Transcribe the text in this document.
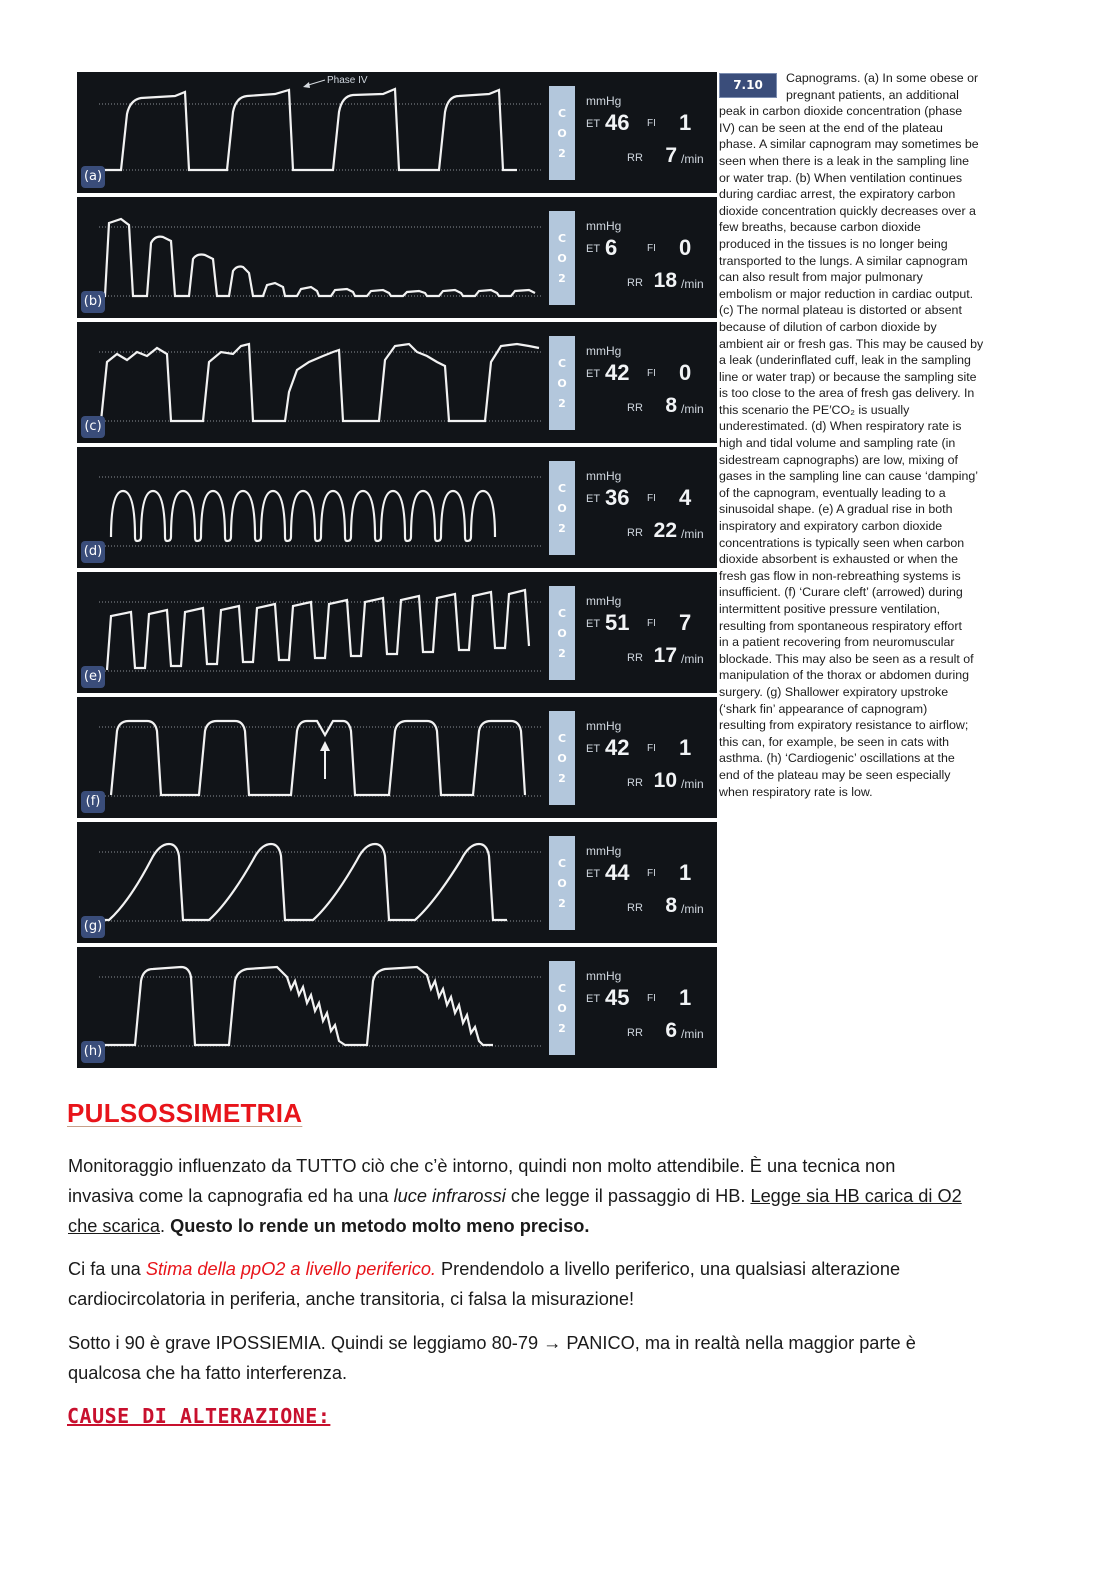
Phase IV
(a)
C
O
2
mmHg
ET 46 FI 1
RR	7 /min
(b)
C
O
2
mmHg
ET 6	FI 0
RR 18 /min
(c)
C
O
2
mmHg
ET 42 FI 0
RR	8 /min
(d)
C
O
2
mmHg
ET 36 FI 4
RR 22 /min
(e)
C
O
2
mmHg
ET 51 FI 7
RR 17 /min
(f)
C
O
2
mmHg
ET 42 FI 1
RR 10 /min
(g)
C
O
2
mmHg
ET 44 FI 1
RR	8 /min
(h)
C
O
2
mmHg
ET 45 FI 1
RR	6 /min
7.10	Capnograms. (a) In some obese or
pregnant patients, an additional
peak in carbon dioxide concentration (phase
IV) can be seen at the end of the plateau
phase. A similar capnogram may sometimes be
seen when there is a leak in the sampling line
or water trap. (b) When ventilation continues
during cardiac arrest, the expiratory carbon
dioxide concentration quickly decreases over a
few breaths, because carbon dioxide
produced in the tissues is no longer being
transported to the lungs. A similar capnogram
can also result from major pulmonary
embolism or major reduction in cardiac output.
(c) The normal plateau is distorted or absent
because of dilution of carbon dioxide by
ambient air or fresh gas. This may be caused by
a leak (underinflated cuff, leak in the sampling
line or water trap) or because the sampling site
is too close to the area of fresh gas delivery. In
this scenario the PE′CO₂ is usually
underestimated. (d) When respiratory rate is
high and tidal volume and sampling rate (in
sidestream capnographs) are low, mixing of
gases in the sampling line can cause ‘damping’
of the capnogram, eventually leading to a
sinusoidal shape. (e) A gradual rise in both
inspiratory and expiratory carbon dioxide
concentrations is typically seen when carbon
dioxide absorbent is exhausted or when the
fresh gas flow in non-rebreathing systems is
insufficient. (f) ‘Curare cleft’ (arrowed) during
intermittent positive pressure ventilation,
resulting from spontaneous respiratory effort
in a patient recovering from neuromuscular
blockade. This may also be seen as a result of
manipulation of the thorax or abdomen during
surgery. (g) Shallower expiratory upstroke
(‘shark fin’ appearance of capnogram)
resulting from expiratory resistance to airflow;
this can, for example, be seen in cats with
asthma. (h) ‘Cardiogenic’ oscillations at the
end of the plateau may be seen especially
when respiratory rate is low.
PULSOSSIMETRIA
Monitoraggio influenzato da TUTTO ciò che c’è intorno, quindi non molto attendibile. È una tecnica non
invasiva come la capnografia ed ha una luce infrarossi che legge il passaggio di HB. Legge sia HB carica di O2
che scarica. Questo lo rende un metodo molto meno preciso.
Ci fa una Stima della ppO2 a livello periferico. Prendendolo a livello periferico, una qualsiasi alterazione
cardiocircolatoria in periferia, anche transitoria, ci falsa la misurazione!
Sotto i 90 è grave IPOSSIEMIA. Quindi se leggiamo 80-79 → PANICO, ma in realtà nella maggior parte è
qualcosa che ha fatto interferenza.
CAUSE DI ALTERAZIONE:
